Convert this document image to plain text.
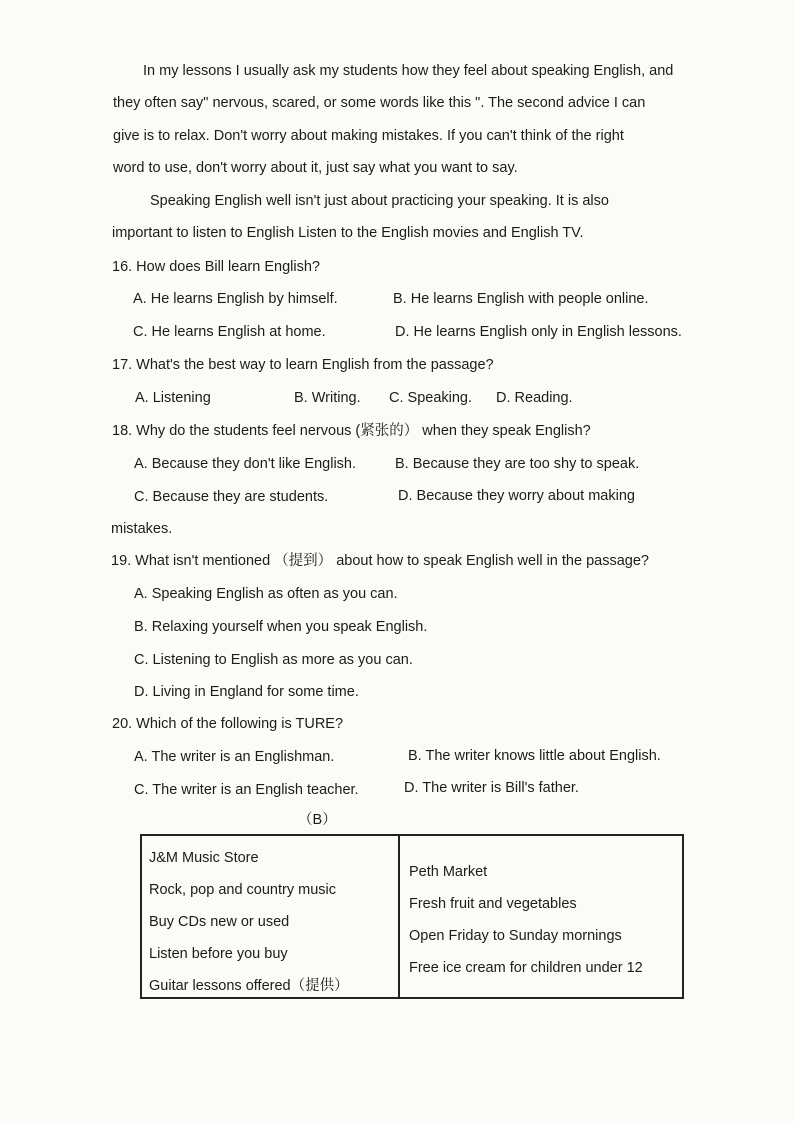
In my lessons I usually ask my students how they feel about speaking English, and
they often say" nervous, scared, or some words like this ". The second advice I can
give is to relax. Don't worry about making mistakes. If you can't think of the right
word to use, don't worry about it, just say what you want to say.
Speaking English well isn't just about practicing your speaking. It is also
important to listen to English Listen to the English movies and English TV.
16. How does Bill learn English?
A. He learns English by himself.	B. He learns English with people online.
C. He learns English at home.	D. He learns English only in English lessons.
17. What's the best way to learn English from the passage?
A. Listening	B. Writing. C. Speaking. D. Reading.
18. Why do the students feel nervous (紧张的） when they speak English?
A. Because they don't like English.	B. Because they are too shy to speak.
C. Because they are students.	D. Because they worry about making
mistakes.
19. What isn't mentioned （提到） about how to speak English well in the passage?
A. Speaking English as often as you can.
B. Relaxing yourself when you speak English.
C. Listening to English as more as you can.
D. Living in England for some time.
20. Which of the following is TURE?
A. The writer is an Englishman.	B. The writer knows little about English.
C. The writer is an English teacher.	D. The writer is Bill's father.
（B）
J&M Music Store
Rock, pop and country music
Buy CDs new or used
Listen before you buy
Guitar lessons offered（提供）
Peth Market
Fresh fruit and vegetables
Open Friday to Sunday mornings
Free ice cream for children under 12
